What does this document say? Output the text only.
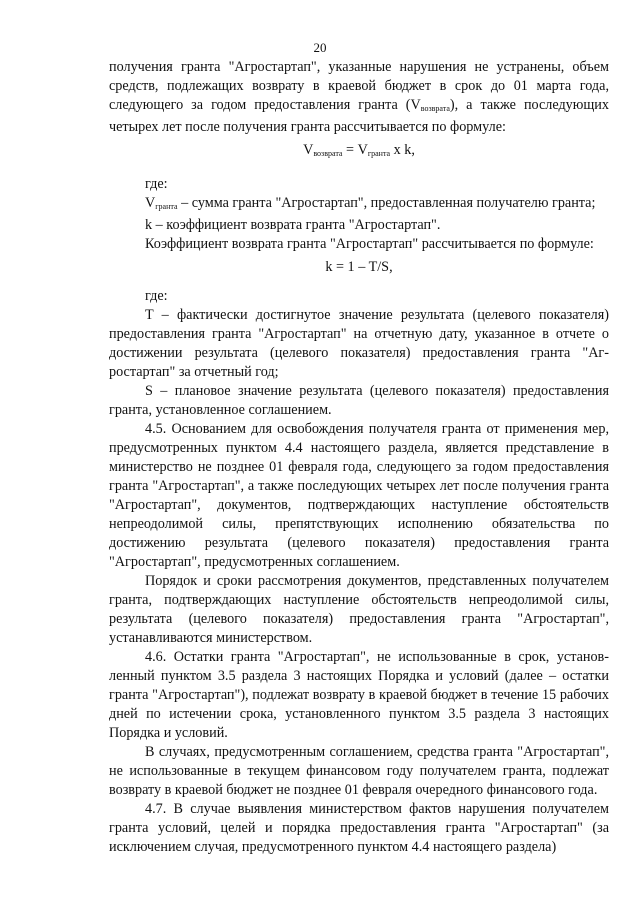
20

получения гранта "Агростартап", указанные нарушения не устранены, объем средств, подлежащих возврату в краевой бюджет в срок до 01 марта года, следующего за годом предоставления гранта $(V_{возврата})$, а также последующих четырех лет после получения гранта рассчитывается по формуле:

$V_{возврата} = V_{гранта}$ x k,

где:

$V_{гранта}$ – сумма гранта "Агростартап", предоставленная получателю гранта;

k – коэффициент возврата гранта "Агростартап".

Коэффициент возврата гранта "Агростартап" рассчитывается по формуле:

k = 1 – T/S,

где:

T – фактически достигнутое значение результата (целевого показателя) предоставления гранта "Агростартап" на отчетную дату, указанное в отчете о достижении результата (целевого показателя) предоставления гранта "Агростартап" за отчетный год;

S – плановое значение результата (целевого показателя) предоставления гранта, установленное соглашением.

4.5. Основанием для освобождения получателя гранта от применения мер, предусмотренных пунктом 4.4 настоящего раздела, является представление в министерство не позднее 01 февраля года, следующего за годом предоставления гранта "Агростартап", а также последующих четырех лет после получения гранта "Агростартап", документов, подтверждающих наступление обстоятельств непреодолимой силы, препятствующих исполнению обязательства по достижению результата (целевого показателя) предоставления гранта "Агростартап", предусмотренных соглашением.

Порядок и сроки рассмотрения документов, представленных получателем гранта, подтверждающих наступление обстоятельств непреодолимой силы, результата (целевого показателя) предоставления гранта "Агростартап", устанавливаются министерством.

4.6. Остатки гранта "Агростартап", не использованные в срок, установленный пунктом 3.5 раздела 3 настоящих Порядка и условий (далее – остатки гранта "Агростартап"), подлежат возврату в краевой бюджет в течение 15 рабочих дней по истечении срока, установленного пунктом 3.5 раздела 3 настоящих Порядка и условий.

В случаях, предусмотренным соглашением, средства гранта "Агростартап", не использованные в текущем финансовом году получателем гранта, подлежат возврату в краевой бюджет не позднее 01 февраля очередного финансового года.

4.7. В случае выявления министерством фактов нарушения получателем гранта условий, целей и порядка предоставления гранта "Агростартап" (за исключением случая, предусмотренного пунктом 4.4 настоящего раздела)
